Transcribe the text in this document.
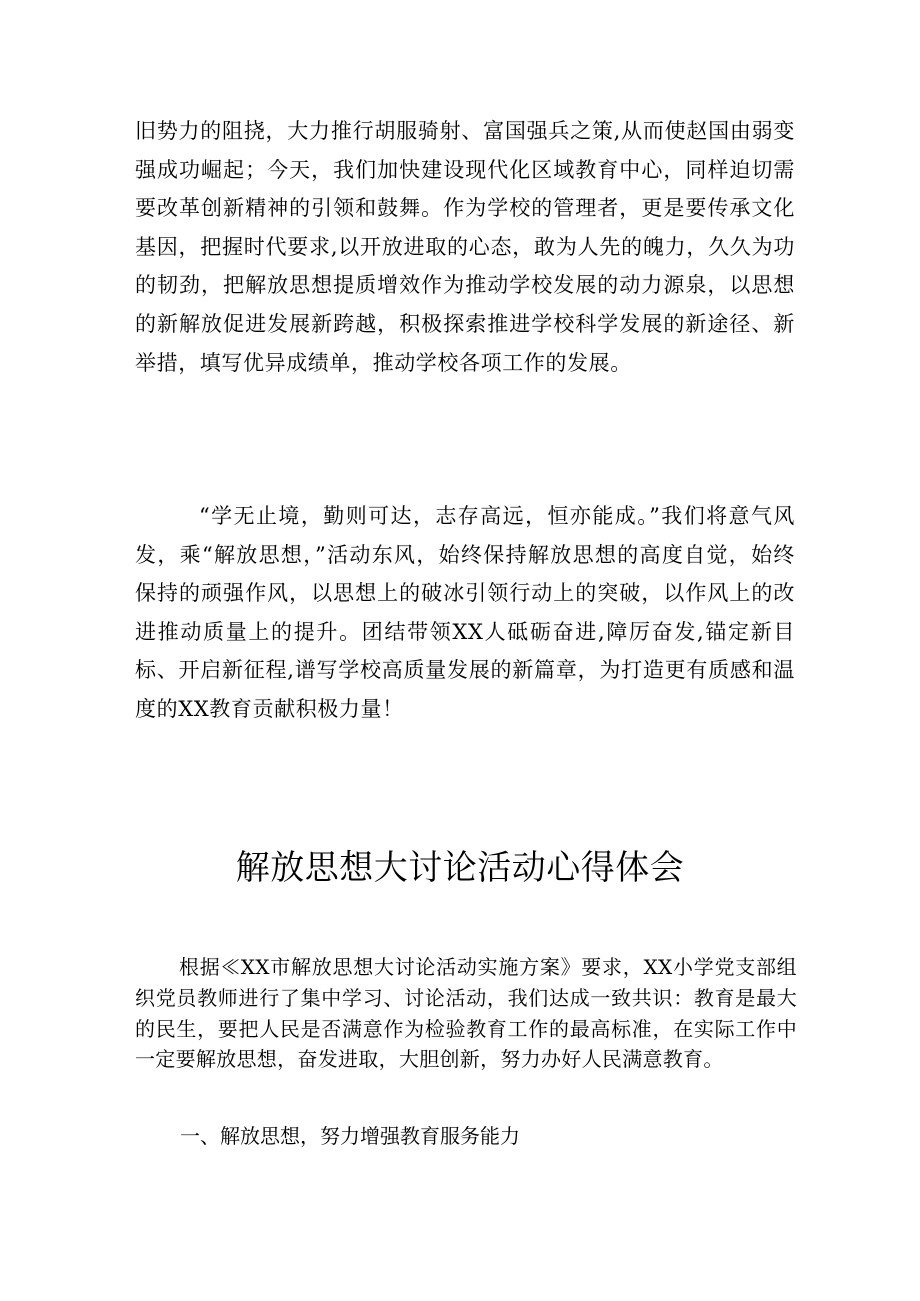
旧势力的阻挠，大力推行胡服骑射、富国强兵之策,从而使赵国由弱变强成功崛起；今天，我们加快建设现代化区域教育中心，同样迫切需要改革创新精神的引领和鼓舞。作为学校的管理者，更是要传承文化基因，把握时代要求,以开放进取的心态，敢为人先的魄力，久久为功的韧劲，把解放思想提质增效作为推动学校发展的动力源泉，以思想的新解放促进发展新跨越，积极探索推进学校科学发展的新途径、新举措，填写优异成绩单，推动学校各项工作的发展。

“学无止境，勤则可达，志存高远，恒亦能成。”我们将意气风发，乘“解放思想，”活动东风，始终保持解放思想的高度自觉，始终保持的顽强作风，以思想上的破冰引领行动上的突破，以作风上的改进推动质量上的提升。团结带领XX人砥砺奋进,障厉奋发,锚定新目标、开启新征程,谱写学校高质量发展的新篇章，为打造更有质感和温度的XX教育贡献积极力量！

解放思想大讨论活动心得体会

根据≪XX市解放思想大讨论活动实施方案》要求，XX小学党支部组织党员教师进行了集中学习、讨论活动，我们达成一致共识：教育是最大的民生，要把人民是否满意作为检验教育工作的最高标准，在实际工作中一定要解放思想，奋发进取，大胆创新，努力办好人民满意教育。

一、解放思想，努力增强教育服务能力
